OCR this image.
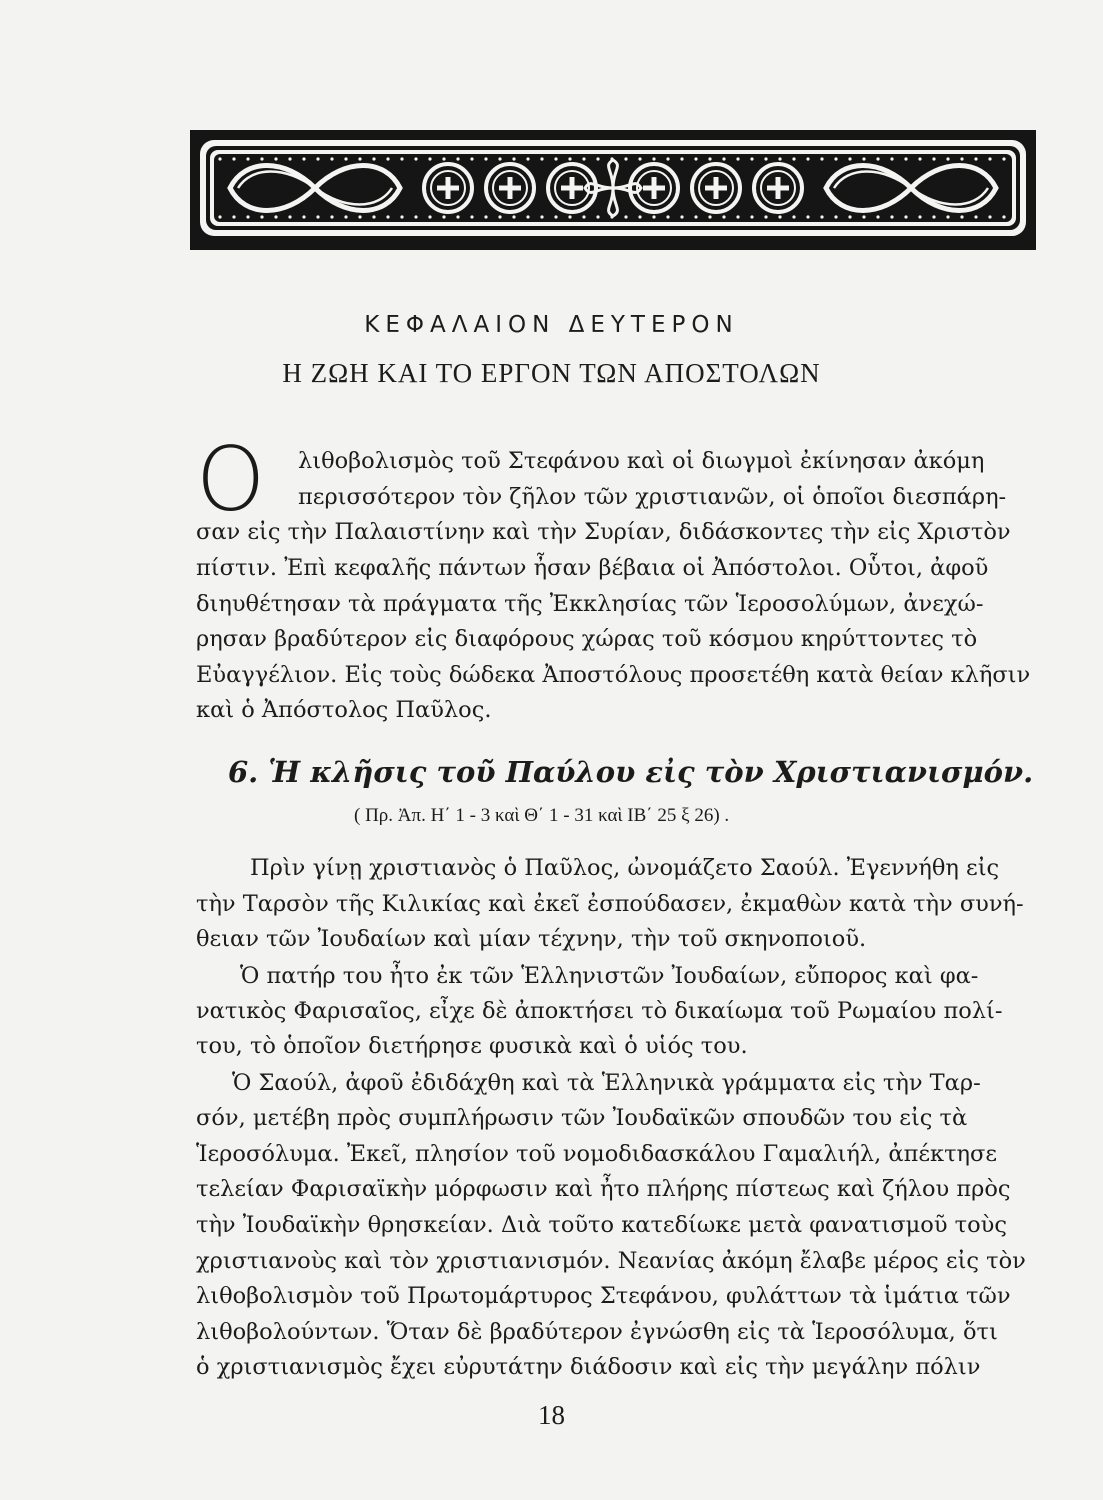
ΚΕΦΑΛΑΙΟΝ ΔΕΥΤΕΡΟΝ
Η ΖΩΗ ΚΑΙ ΤΟ ΕΡΓΟΝ ΤΩΝ ΑΠΟΣΤΟΛΩΝ
Ο λιθοβολισμὸς τοῦ Στεφάνου καὶ οἱ διωγμοὶ ἐκίνησαν ἀκόμη
περισσότερον τὸν ζῆλον τῶν χριστιανῶν, οἱ ὁποῖοι διεσπάρη-
σαν εἰς τὴν Παλαιστίνην καὶ τὴν Συρίαν, διδάσκοντες τὴν εἰς Χριστὸν
πίστιν. Ἐπὶ κεφαλῆς πάντων ἦσαν βέβαια οἱ Ἀπόστολοι. Οὗτοι, ἀφοῦ
διηυθέτησαν τὰ πράγματα τῆς Ἐκκλησίας τῶν Ἱεροσολύμων, ἀνεχώ-
ρησαν βραδύτερον εἰς διαφόρους χώρας τοῦ κόσμου κηρύττοντες τὸ
Εὐαγγέλιον. Εἰς τοὺς δώδεκα Ἀποστόλους προσετέθη κατὰ θείαν κλῆσιν
καὶ ὁ Ἀπόστολος Παῦλος.
6. Ἡ κλῆσις τοῦ Παύλου εἰς τὸν Χριστιανισμόν.
( Πρ. Ἀπ. Η΄ 1 - 3 καὶ Θ΄ 1 - 31 καὶ ΙΒ΄ 25 ξ 26) .
Πρὶν γίνῃ χριστιανὸς ὁ Παῦλος, ὠνομάζετο Σαούλ. Ἐγεννήθη εἰς
τὴν Ταρσὸν τῆς Κιλικίας καὶ ἐκεῖ ἐσπούδασεν, ἐκμαθὼν κατὰ τὴν συνή-
θειαν τῶν Ἰουδαίων καὶ μίαν τέχνην, τὴν τοῦ σκηνοποιοῦ.
Ὁ πατήρ του ἦτο ἐκ τῶν Ἑλληνιστῶν Ἰουδαίων, εὔπορος καὶ φα-
νατικὸς Φαρισαῖος, εἶχε δὲ ἀποκτήσει τὸ δικαίωμα τοῦ Ρωμαίου πολί-
του, τὸ ὁποῖον διετήρησε φυσικὰ καὶ ὁ υἱός του.
Ὁ Σαούλ, ἀφοῦ ἐδιδάχθη καὶ τὰ Ἑλληνικὰ γράμματα εἰς τὴν Ταρ-
σόν, μετέβη πρὸς συμπλήρωσιν τῶν Ἰουδαϊκῶν σπουδῶν του εἰς τὰ
Ἱεροσόλυμα. Ἐκεῖ, πλησίον τοῦ νομοδιδασκάλου Γαμαλιήλ, ἀπέκτησε
τελείαν Φαρισαϊκὴν μόρφωσιν καὶ ἦτο πλήρης πίστεως καὶ ζήλου πρὸς
τὴν Ἰουδαϊκὴν θρησκείαν. Διὰ τοῦτο κατεδίωκε μετὰ φανατισμοῦ τοὺς
χριστιανοὺς καὶ τὸν χριστιανισμόν. Νεανίας ἀκόμη ἔλαβε μέρος εἰς τὸν
λιθοβολισμὸν τοῦ Πρωτομάρτυρος Στεφάνου, φυλάττων τὰ ἱμάτια τῶν
λιθοβολούντων. Ὅταν δὲ βραδύτερον ἐγνώσθη εἰς τὰ Ἱεροσόλυμα, ὅτι
ὁ χριστιανισμὸς ἔχει εὐρυτάτην διάδοσιν καὶ εἰς τὴν μεγάλην πόλιν
18
